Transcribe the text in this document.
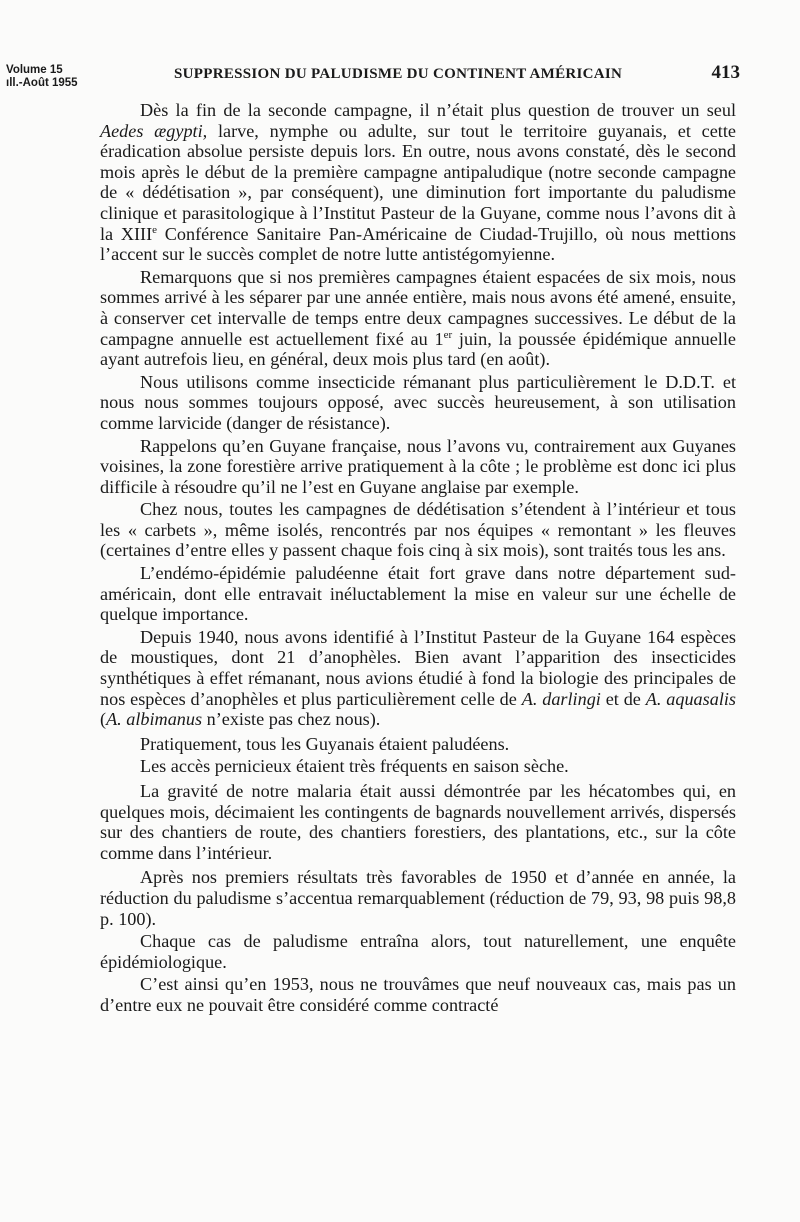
Volume 15
ıll.-Août 1955
SUPPRESSION DU PALUDISME DU CONTINENT AMÉRICAIN	413

Dès la fin de la seconde campagne, il n’était plus question de trouver un seul Aedes ægypti, larve, nymphe ou adulte, sur tout le territoire guyanais, et cette éradication absolue persiste depuis lors. En outre, nous avons constaté, dès le second mois après le début de la première campagne antipaludique (notre seconde campagne de « dédétisation », par conséquent), une diminution fort importante du paludisme clinique et parasitologique à l’Institut Pasteur de la Guyane, comme nous l’avons dit à la XIIIe Conférence Sanitaire Pan-Américaine de Ciudad-Trujillo, où nous mettions l’accent sur le succès complet de notre lutte antistégomyienne.

Remarquons que si nos premières campagnes étaient espacées de six mois, nous sommes arrivé à les séparer par une année entière, mais nous avons été amené, ensuite, à conserver cet intervalle de temps entre deux campagnes successives. Le début de la campagne annuelle est actuellement fixé au 1er juin, la poussée épidémique annuelle ayant autrefois lieu, en général, deux mois plus tard (en août).

Nous utilisons comme insecticide rémanant plus particulièrement le D.D.T. et nous nous sommes toujours opposé, avec succès heureusement, à son utilisation comme larvicide (danger de résistance).

Rappelons qu’en Guyane française, nous l’avons vu, contrairement aux Guyanes voisines, la zone forestière arrive pratiquement à la côte ; le problème est donc ici plus difficile à résoudre qu’il ne l’est en Guyane anglaise par exemple.

Chez nous, toutes les campagnes de dédétisation s’étendent à l’intérieur et tous les « carbets », même isolés, rencontrés par nos équipes « remontant » les fleuves (certaines d’entre elles y passent chaque fois cinq à six mois), sont traités tous les ans.

L’endémo-épidémie paludéenne était fort grave dans notre département sud-américain, dont elle entravait inéluctablement la mise en valeur sur une échelle de quelque importance.

Depuis 1940, nous avons identifié à l’Institut Pasteur de la Guyane 164 espèces de moustiques, dont 21 d’anophèles. Bien avant l’apparition des insecticides synthétiques à effet rémanant, nous avions étudié à fond la biologie des principales de nos espèces d’anophèles et plus particulièrement celle de A. darlingi et de A. aquasalis (A. albimanus n’existe pas chez nous).

Pratiquement, tous les Guyanais étaient paludéens.

Les accès pernicieux étaient très fréquents en saison sèche.

La gravité de notre malaria était aussi démontrée par les hécatombes qui, en quelques mois, décimaient les contingents de bagnards nouvellement arrivés, dispersés sur des chantiers de route, des chantiers forestiers, des plantations, etc., sur la côte comme dans l’intérieur.

Après nos premiers résultats très favorables de 1950 et d’année en année, la réduction du paludisme s’accentua remarquablement (réduction de 79, 93, 98 puis 98,8 p. 100).

Chaque cas de paludisme entraîna alors, tout naturellement, une enquête épidémiologique.

C’est ainsi qu’en 1953, nous ne trouvâmes que neuf nouveaux cas, mais pas un d’entre eux ne pouvait être considéré comme contracté
